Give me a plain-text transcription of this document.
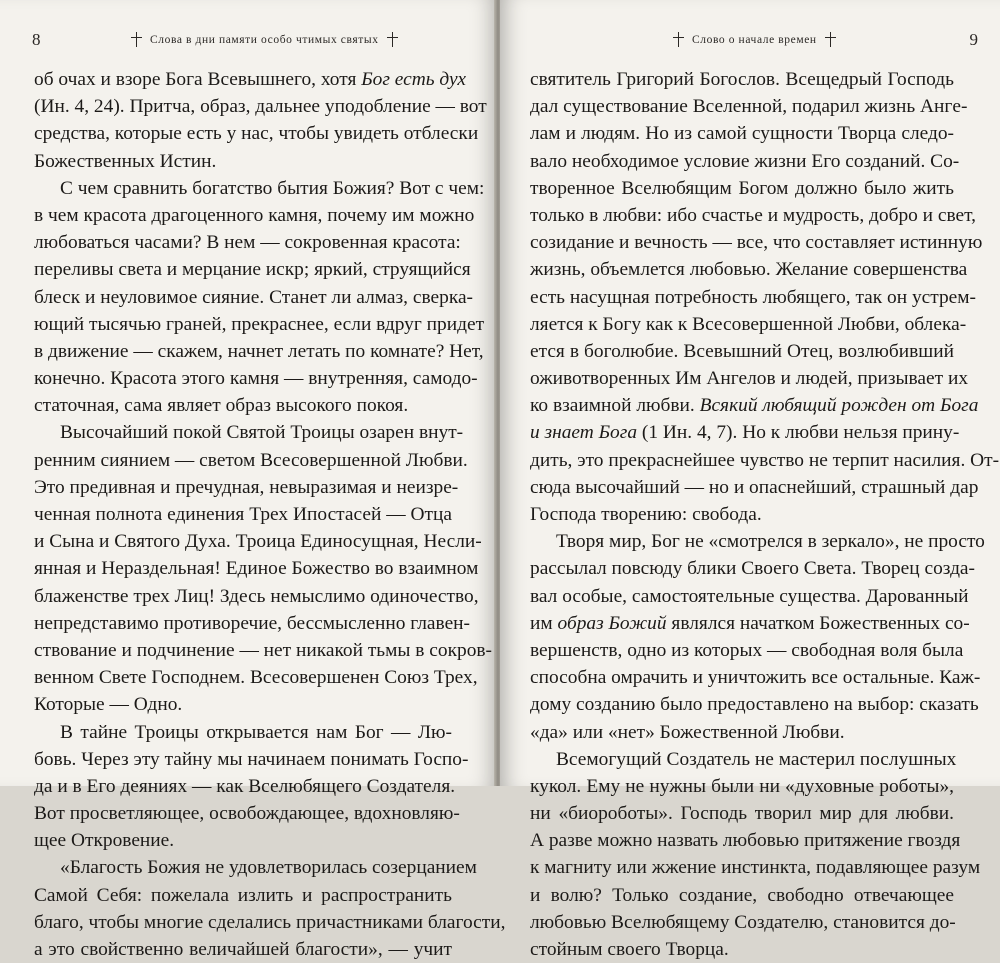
8	Слова в дни памяти особо чтимых святых
об очах и взоре Бога Всевышнего, хотя Бог есть дух
(Ин. 4, 24). Притча, образ, дальнее уподобление — вот
средства, которые есть у нас, чтобы увидеть отблески
Божественных Истин.
С чем сравнить богатство бытия Божия? Вот с чем:
в чем красота драгоценного камня, почему им можно
любоваться часами? В нем — сокровенная красота:
переливы света и мерцание искр; яркий, струящийся
блеск и неуловимое сияние. Станет ли алмаз, сверка-
ющий тысячью граней, прекраснее, если вдруг придет
в движение — скажем, начнет летать по комнате? Нет,
конечно. Красота этого камня — внутренняя, самодо-
статочная, сама являет образ высокого покоя.
Высочайший покой Святой Троицы озарен внут-
ренним сиянием — светом Всесовершенной Любви.
Это предивная и пречудная, невыразимая и неизре-
ченная полнота единения Трех Ипостасей — Отца
и Сына и Святого Духа. Троица Единосущная, Несли-
янная и Нераздельная! Единое Божество во взаимном
блаженстве трех Лиц! Здесь немыслимо одиночество,
непредставимо противоречие, бессмысленно главен-
ствование и подчинение — нет никакой тьмы в сокров-
венном Свете Господнем. Всесовершенен Союз Трех,
Которые — Одно.
В тайне Троицы открывается нам Бог — Лю-
бовь. Через эту тайну мы начинаем понимать Госпо-
да и в Его деяниях — как Вселюбящего Создателя.
Вот просветляющее, освобождающее, вдохновляю-
щее Откровение.
«Благость Божия не удовлетворилась созерцанием
Самой Себя: пожелала излить и распространить
благо, чтобы многие сделались причастниками благости,
а это свойственно величайшей благости», — учит
Слово о начале времен	9
святитель Григорий Богослов. Всещедрый Господь
дал существование Вселенной, подарил жизнь Ангe-
лам и людям. Но из самой сущности Творца следо-
вало необходимое условие жизни Его созданий. Со-
творенное Вселюбящим Богом должно было жить
только в любви: ибо счастье и мудрость, добро и свет,
созидание и вечность — все, что составляет истинную
жизнь, объемлется любовью. Желание совершенства
есть насущная потребность любящего, так он устрем-
ляется к Богу как к Всесовершенной Любви, облека-
ется в боголюбие. Всевышний Отец, возлюбивший
оживотворенных Им Ангелов и людей, призывает их
ко взаимной любви. Всякий любящий рожден от Бога
и знает Бога (1 Ин. 4, 7). Но к любви нельзя прину-
дить, это прекраснейшее чувство не терпит насилия. От-
сюда высочайший — но и опаснейший, страшный дар
Господа творению: свобода.
Творя мир, Бог не «смотрелся в зеркало», не просто
рассылал повсюду блики Своего Света. Творец созда-
вал особые, самостоятельные существа. Дарованный
им образ Божий являлся начатком Божественных со-
вершенств, одно из которых — свободная воля была
способна омрачить и уничтожить все остальные. Каж-
дому созданию было предоставлено на выбор: сказать
«да» или «нет» Божественной Любви.
Всемогущий Создатель не мастерил послушных
кукол. Ему не нужны были ни «духовные роботы»,
ни «биороботы». Господь творил мир для любви.
А разве можно назвать любовью притяжение гвоздя
к магниту или жжение инстинкта, подавляющее разум
и волю? Только создание, свободно отвечающее
любовью Вселюбящему Создателю, становится до-
стойным своего Творца.
